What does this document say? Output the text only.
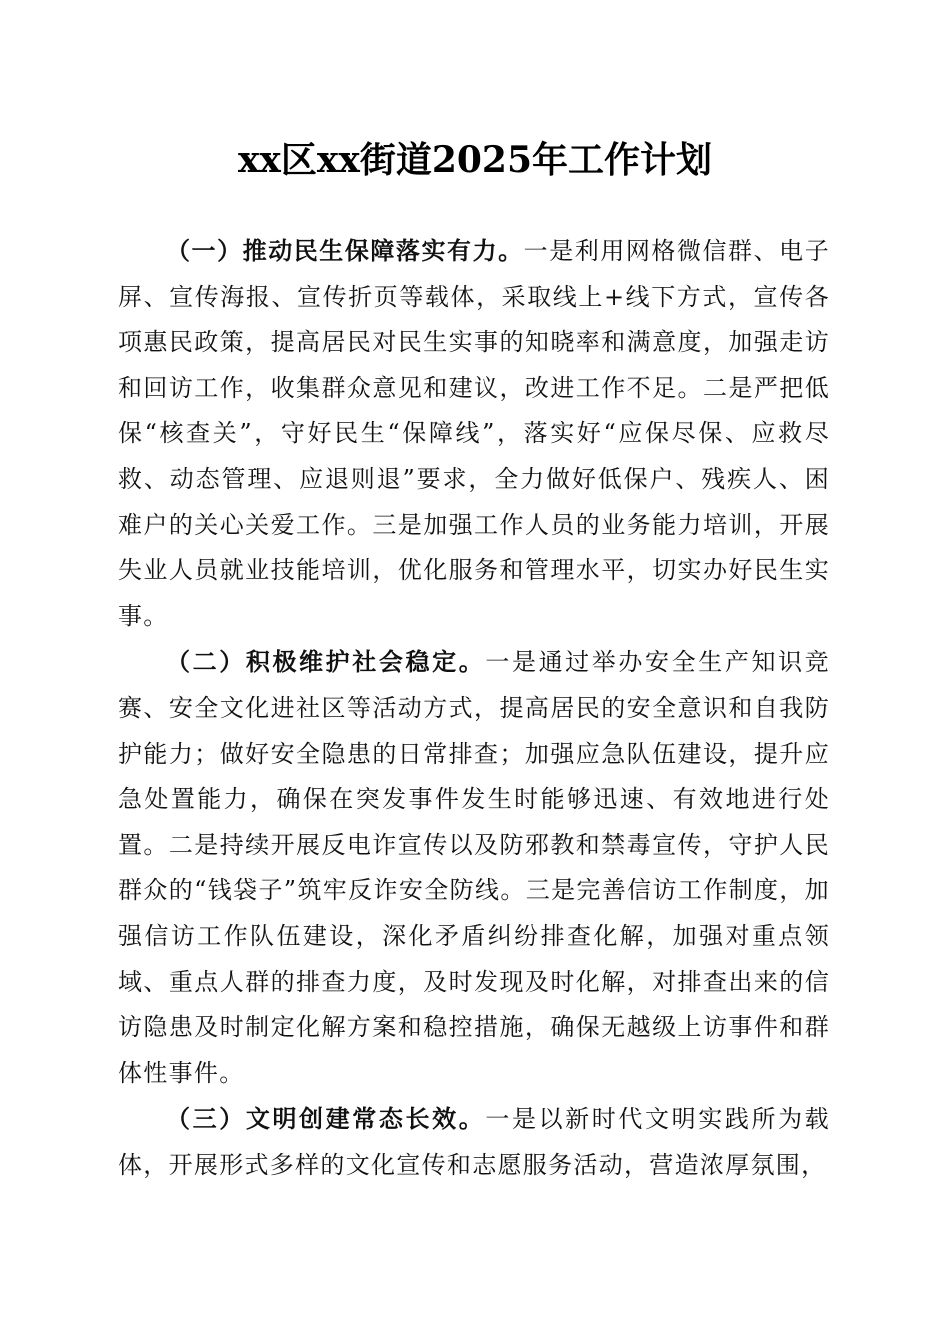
xx区xx街道2025年工作计划

（一）推动民生保障落实有力。一是利用网格微信群、电子屏、宣传海报、宣传折页等载体，采取线上+线下方式，宣传各项惠民政策，提高居民对民生实事的知晓率和满意度，加强走访和回访工作，收集群众意见和建议，改进工作不足。二是严把低保“核查关”，守好民生“保障线”，落实好“应保尽保、应救尽救、动态管理、应退则退”要求，全力做好低保户、残疾人、困难户的关心关爱工作。三是加强工作人员的业务能力培训，开展失业人员就业技能培训，优化服务和管理水平，切实办好民生实事。

（二）积极维护社会稳定。一是通过举办安全生产知识竞赛、安全文化进社区等活动方式，提高居民的安全意识和自我防护能力；做好安全隐患的日常排查；加强应急队伍建设，提升应急处置能力，确保在突发事件发生时能够迅速、有效地进行处置。二是持续开展反电诈宣传以及防邪教和禁毒宣传，守护人民群众的“钱袋子”筑牢反诈安全防线。三是完善信访工作制度，加强信访工作队伍建设，深化矛盾纠纷排查化解，加强对重点领域、重点人群的排查力度，及时发现及时化解，对排查出来的信访隐患及时制定化解方案和稳控措施，确保无越级上访事件和群体性事件。

（三）文明创建常态长效。一是以新时代文明实践所为载体，开展形式多样的文化宣传和志愿服务活动，营造浓厚氛围，
